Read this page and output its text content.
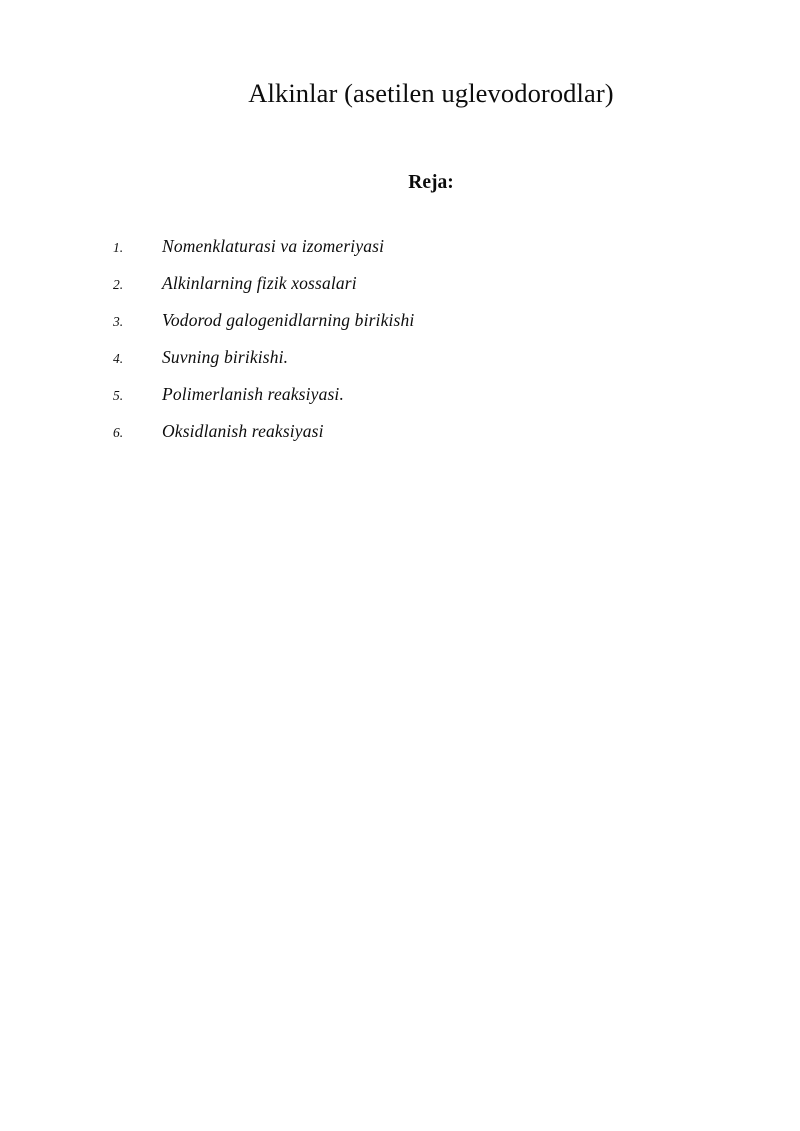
Alkinlar (asetilen uglevodorodlar)
Reja:
1. Nomenklaturasi va izomeriyasi
2. Alkinlarning fizik xossalari
3. Vodorod galogenidlarning birikishi
4. Suvning birikishi.
5. Polimerlanish reaksiyasi.
6. Oksidlanish reaksiyasi
